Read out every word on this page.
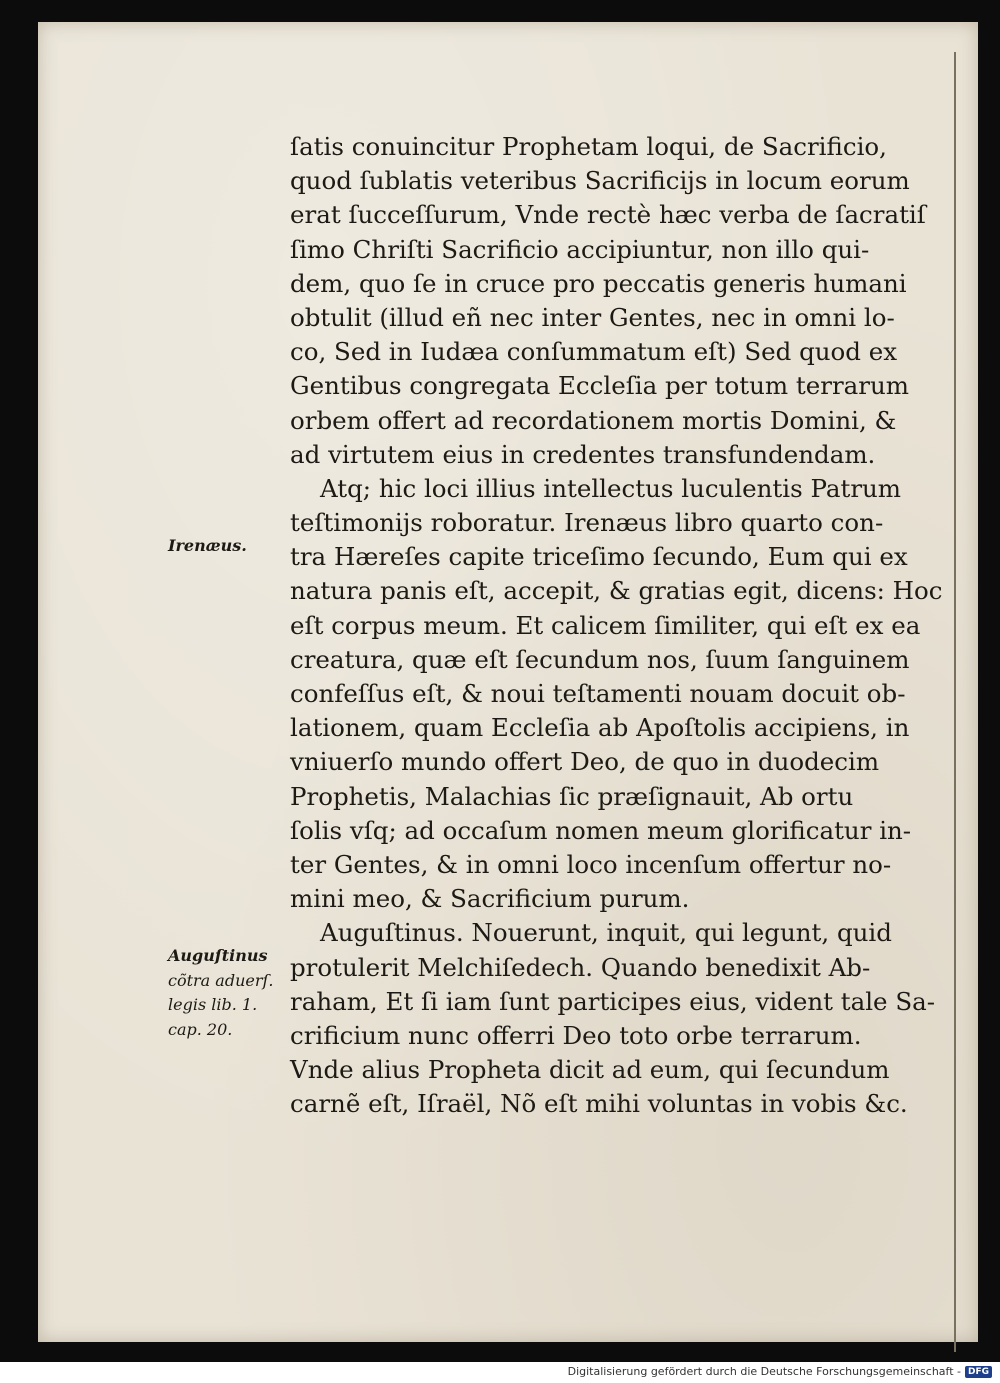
ſatis conuincitur Prophetam loqui, de Sacrificio,
quod ſublatis veteribus Sacrificijs in locum eorum
erat ſucceſſurum, Vnde rectè hæc verba de ſacratiſ
ſimo Chriſti Sacrificio accipiuntur, non illo qui-
dem, quo ſe in cruce pro peccatis generis humani
obtulit (illud eñ nec inter Gentes, nec in omni lo-
co, Sed in Iudæa conſummatum eſt) Sed quod ex
Gentibus congregata Eccleſia per totum terrarum
orbem offert ad recordationem mortis Domini, &
ad virtutem eius in credentes transfundendam.
Atq; hic loci illius intellectus luculentis Patrum
teſtimonijs roboratur. Irenæus libro quarto con-
tra Hæreſes capite triceſimo ſecundo, Eum qui ex
natura panis eſt, accepit, & gratias egit, dicens: Hoc
eſt corpus meum. Et calicem ſimiliter, qui eſt ex ea
creatura, quæ eſt ſecundum nos, ſuum ſanguinem
confeſſus eſt, & noui teſtamenti nouam docuit ob-
lationem, quam Eccleſia ab Apoſtolis accipiens, in
vniuerſo mundo offert Deo, de quo in duodecim
Prophetis, Malachias ſic præſignauit, Ab ortu
ſolis vſq; ad occaſum nomen meum glorificatur in-
ter Gentes, & in omni loco incenſum offertur no-
mini meo, & Sacrificium purum.
Auguſtinus. Nouerunt, inquit, qui legunt, quid
protulerit Melchiſedech. Quando benedixit Ab-
raham, Et ſi iam ſunt participes eius, vident tale Sa-
crificium nunc offerri Deo toto orbe terrarum.
Vnde alius Propheta dicit ad eum, qui ſecundum
carnẽ eſt, Iſraël, Nõ eſt mihi voluntas in vobis &c.
Irenæus.
Auguſtinus
cõtra aduerſ.
legis lib. 1.
cap. 20.
Digitalisierung gefördert durch die Deutsche Forschungsgemeinschaft - DFG
